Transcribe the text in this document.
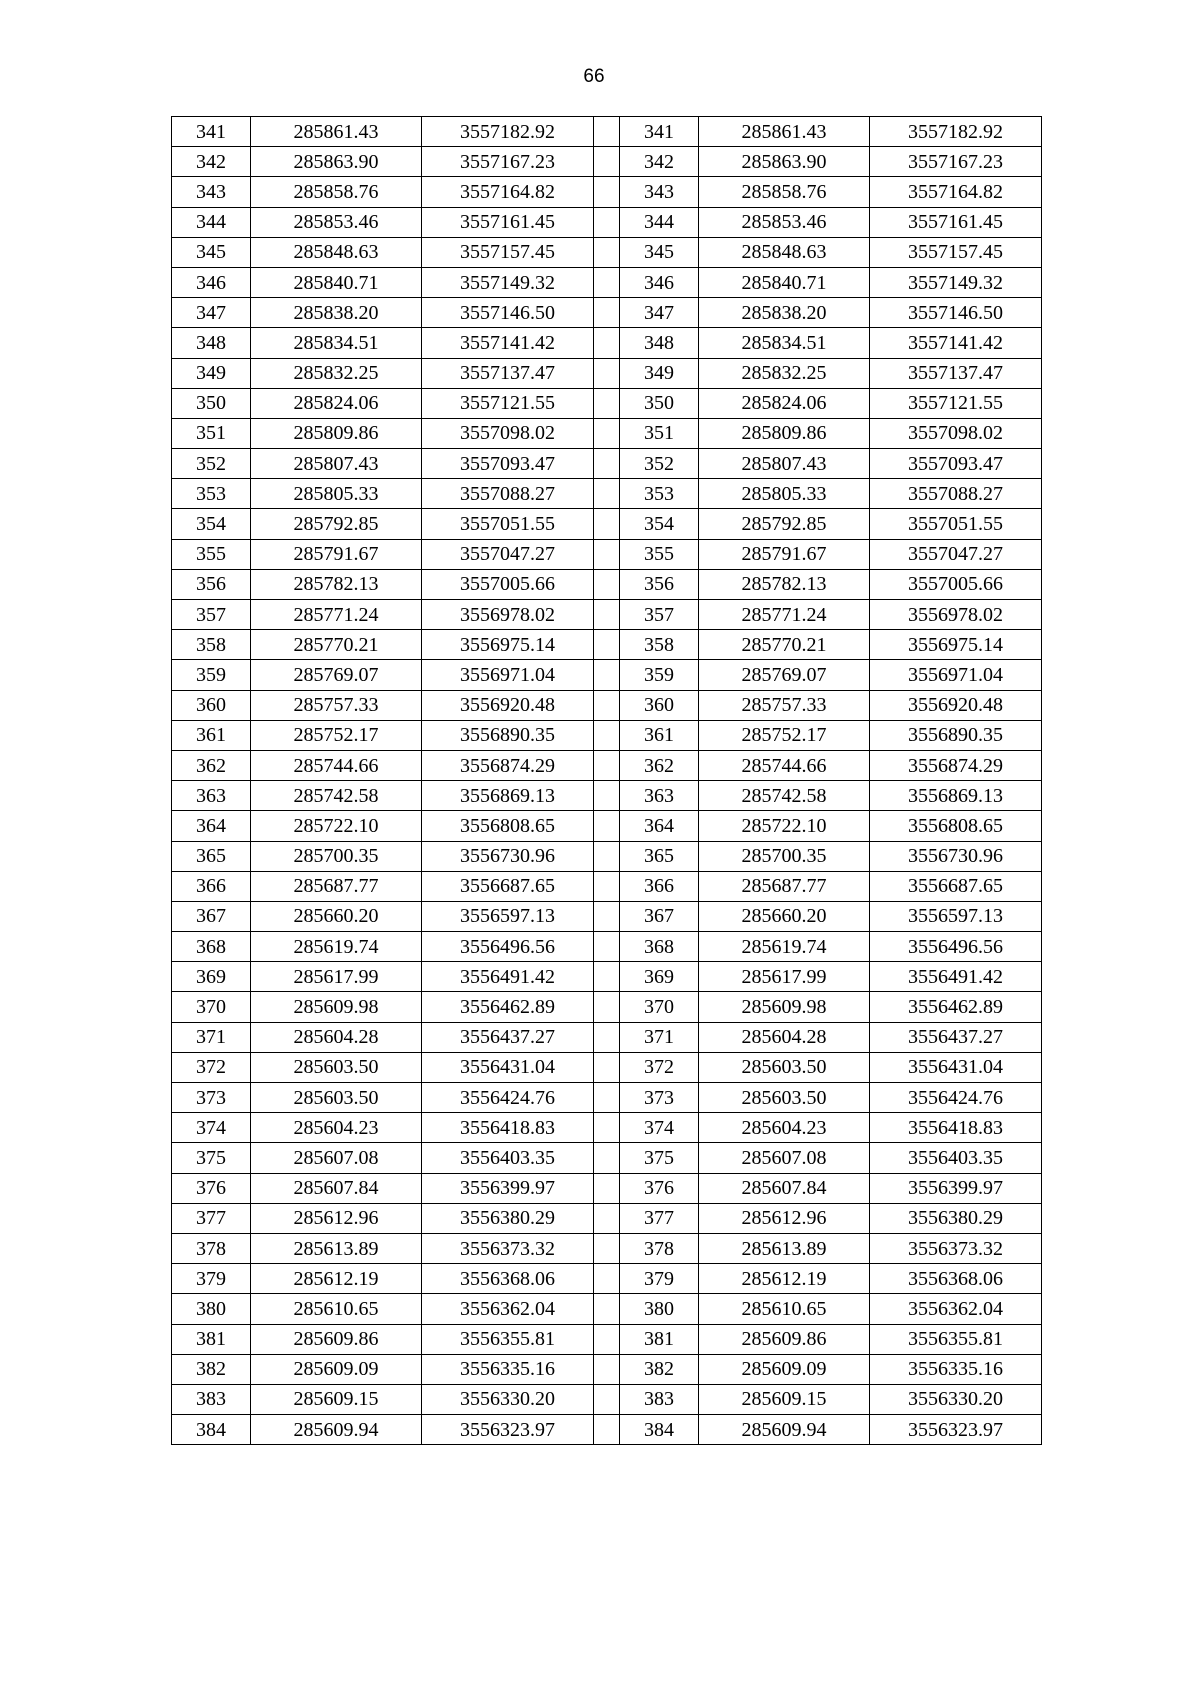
66
341	285861.43	3557182.92		341	285861.43	3557182.92
342	285863.90	3557167.23		342	285863.90	3557167.23
343	285858.76	3557164.82		343	285858.76	3557164.82
344	285853.46	3557161.45		344	285853.46	3557161.45
345	285848.63	3557157.45		345	285848.63	3557157.45
346	285840.71	3557149.32		346	285840.71	3557149.32
347	285838.20	3557146.50		347	285838.20	3557146.50
348	285834.51	3557141.42		348	285834.51	3557141.42
349	285832.25	3557137.47		349	285832.25	3557137.47
350	285824.06	3557121.55		350	285824.06	3557121.55
351	285809.86	3557098.02		351	285809.86	3557098.02
352	285807.43	3557093.47		352	285807.43	3557093.47
353	285805.33	3557088.27		353	285805.33	3557088.27
354	285792.85	3557051.55		354	285792.85	3557051.55
355	285791.67	3557047.27		355	285791.67	3557047.27
356	285782.13	3557005.66		356	285782.13	3557005.66
357	285771.24	3556978.02		357	285771.24	3556978.02
358	285770.21	3556975.14		358	285770.21	3556975.14
359	285769.07	3556971.04		359	285769.07	3556971.04
360	285757.33	3556920.48		360	285757.33	3556920.48
361	285752.17	3556890.35		361	285752.17	3556890.35
362	285744.66	3556874.29		362	285744.66	3556874.29
363	285742.58	3556869.13		363	285742.58	3556869.13
364	285722.10	3556808.65		364	285722.10	3556808.65
365	285700.35	3556730.96		365	285700.35	3556730.96
366	285687.77	3556687.65		366	285687.77	3556687.65
367	285660.20	3556597.13		367	285660.20	3556597.13
368	285619.74	3556496.56		368	285619.74	3556496.56
369	285617.99	3556491.42		369	285617.99	3556491.42
370	285609.98	3556462.89		370	285609.98	3556462.89
371	285604.28	3556437.27		371	285604.28	3556437.27
372	285603.50	3556431.04		372	285603.50	3556431.04
373	285603.50	3556424.76		373	285603.50	3556424.76
374	285604.23	3556418.83		374	285604.23	3556418.83
375	285607.08	3556403.35		375	285607.08	3556403.35
376	285607.84	3556399.97		376	285607.84	3556399.97
377	285612.96	3556380.29		377	285612.96	3556380.29
378	285613.89	3556373.32		378	285613.89	3556373.32
379	285612.19	3556368.06		379	285612.19	3556368.06
380	285610.65	3556362.04		380	285610.65	3556362.04
381	285609.86	3556355.81		381	285609.86	3556355.81
382	285609.09	3556335.16		382	285609.09	3556335.16
383	285609.15	3556330.20		383	285609.15	3556330.20
384	285609.94	3556323.97		384	285609.94	3556323.97
